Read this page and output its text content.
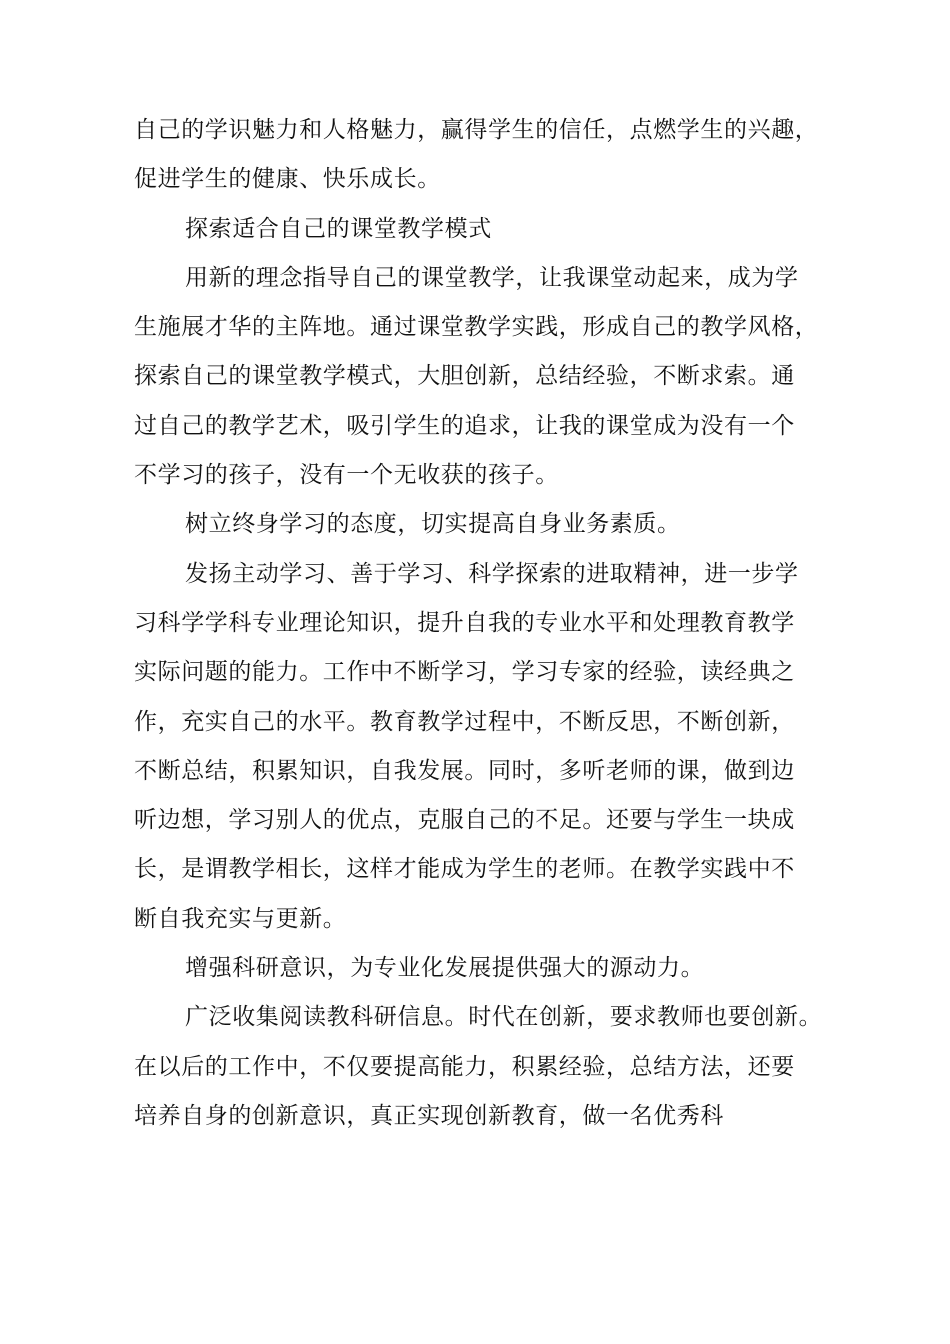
自己的学识魅力和人格魅力，赢得学生的信任，点燃学生的兴趣，
促进学生的健康、快乐成长。
探索适合自己的课堂教学模式
用新的理念指导自己的课堂教学，让我课堂动起来，成为学
生施展才华的主阵地。通过课堂教学实践，形成自己的教学风格，
探索自己的课堂教学模式，大胆创新，总结经验，不断求索。通
过自己的教学艺术，吸引学生的追求，让我的课堂成为没有一个
不学习的孩子，没有一个无收获的孩子。
树立终身学习的态度，切实提高自身业务素质。
发扬主动学习、善于学习、科学探索的进取精神，进一步学
习科学学科专业理论知识，提升自我的专业水平和处理教育教学
实际问题的能力。工作中不断学习，学习专家的经验，读经典之
作，充实自己的水平。教育教学过程中，不断反思，不断创新，
不断总结，积累知识，自我发展。同时，多听老师的课，做到边
听边想，学习别人的优点，克服自己的不足。还要与学生一块成
长，是谓教学相长，这样才能成为学生的老师。在教学实践中不
断自我充实与更新。
增强科研意识，为专业化发展提供强大的源动力。
广泛收集阅读教科研信息。时代在创新，要求教师也要创新。
在以后的工作中，不仅要提高能力，积累经验，总结方法，还要
培养自身的创新意识，真正实现创新教育，做一名优秀科
